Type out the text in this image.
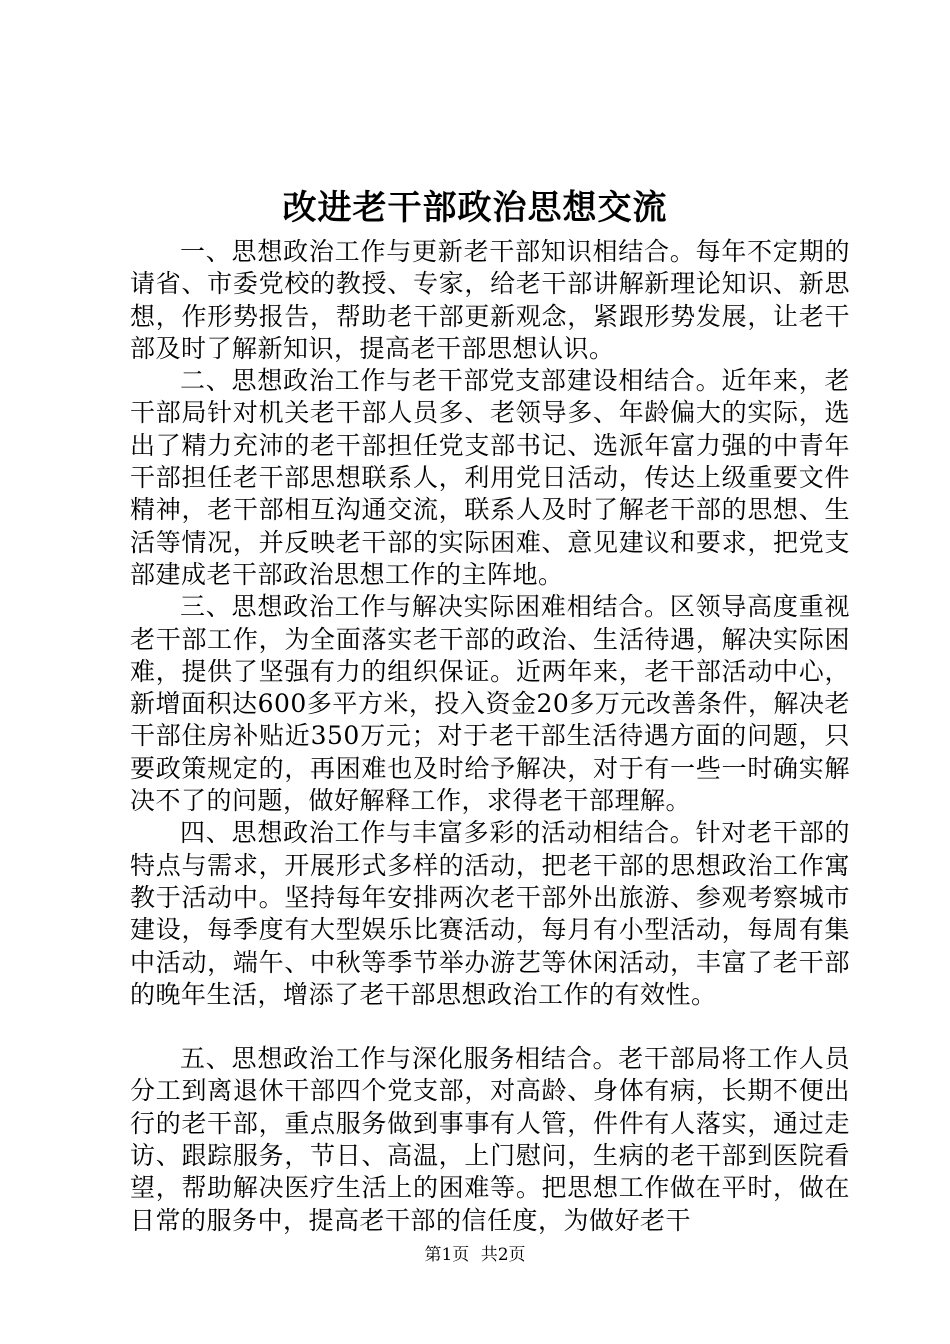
改进老干部政治思想交流

一、思想政治工作与更新老干部知识相结合。每年不定期的请省、市委党校的教授、专家，给老干部讲解新理论知识、新思想，作形势报告，帮助老干部更新观念，紧跟形势发展，让老干部及时了解新知识，提高老干部思想认识。

二、思想政治工作与老干部党支部建设相结合。近年来，老干部局针对机关老干部人员多、老领导多、年龄偏大的实际，选出了精力充沛的老干部担任党支部书记、选派年富力强的中青年干部担任老干部思想联系人，利用党日活动，传达上级重要文件精神，老干部相互沟通交流，联系人及时了解老干部的思想、生活等情况，并反映老干部的实际困难、意见建议和要求，把党支部建成老干部政治思想工作的主阵地。

三、思想政治工作与解决实际困难相结合。区领导高度重视老干部工作，为全面落实老干部的政治、生活待遇，解决实际困难，提供了坚强有力的组织保证。近两年来，老干部活动中心，新增面积达600多平方米，投入资金20多万元改善条件，解决老干部住房补贴近350万元；对于老干部生活待遇方面的问题，只要政策规定的，再困难也及时给予解决，对于有一些一时确实解决不了的问题，做好解释工作，求得老干部理解。

四、思想政治工作与丰富多彩的活动相结合。针对老干部的特点与需求，开展形式多样的活动，把老干部的思想政治工作寓教于活动中。坚持每年安排两次老干部外出旅游、参观考察城市建设，每季度有大型娱乐比赛活动，每月有小型活动，每周有集中活动，端午、中秋等季节举办游艺等休闲活动，丰富了老干部的晚年生活，增添了老干部思想政治工作的有效性。

五、思想政治工作与深化服务相结合。老干部局将工作人员分工到离退休干部四个党支部，对高龄、身体有病，长期不便出行的老干部，重点服务做到事事有人管，件件有人落实，通过走访、跟踪服务，节日、高温，上门慰问，生病的老干部到医院看望，帮助解决医疗生活上的困难等。把思想工作做在平时，做在日常的服务中，提高老干部的信任度，为做好老干

第1页 共2页
